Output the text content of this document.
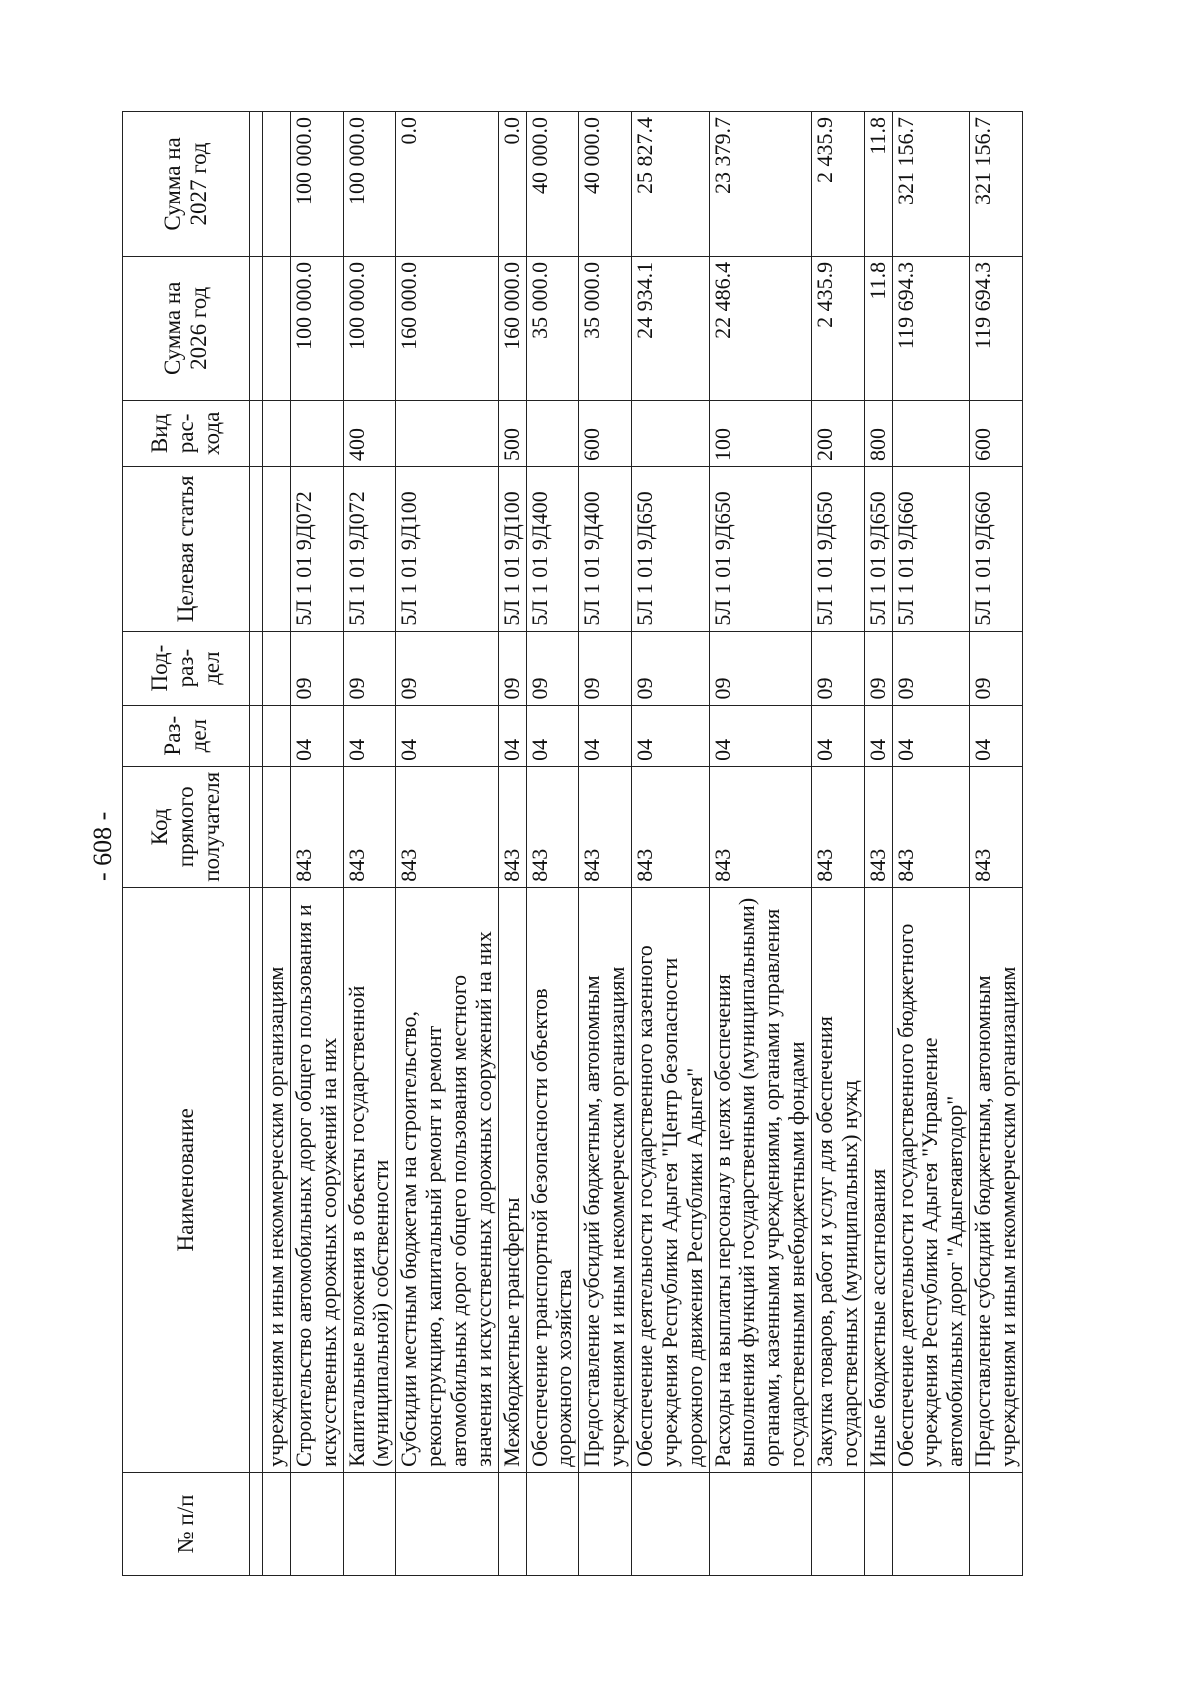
- 608 -
№ п/п	Наименование	Код прямого получателя	Раз-дел	Под-раз-дел	Целевая статья	Вид рас-хода	Сумма на 2026 год	Сумма на 2027 год

	учреждениям и иным некоммерческим организациям							
	Строительство автомобильных дорог общего пользования и искусственных дорожных сооружений на них	843	04	09	5Л 1 01 9Д072		100 000.0	100 000.0
	Капитальные вложения в объекты государственной (муниципальной) собственности	843	04	09	5Л 1 01 9Д072	400	100 000.0	100 000.0
	Субсидии местным бюджетам на строительство, реконструкцию, капитальный ремонт и ремонт автомобильных дорог общего пользования местного значения и искусственных дорожных сооружений на них	843	04	09	5Л 1 01 9Д100		160 000.0	0.0
	Межбюджетные трансферты	843	04	09	5Л 1 01 9Д100	500	160 000.0	0.0
	Обеспечение транспортной безопасности объектов дорожного хозяйства	843	04	09	5Л 1 01 9Д400		35 000.0	40 000.0
	Предоставление субсидий бюджетным, автономным учреждениям и иным некоммерческим организациям	843	04	09	5Л 1 01 9Д400	600	35 000.0	40 000.0
	Обеспечение деятельности государственного казенного учреждения Республики Адыгея "Центр безопасности дорожного движения Республики Адыгея"	843	04	09	5Л 1 01 9Д650		24 934.1	25 827.4
	Расходы на выплаты персоналу в целях обеспечения выполнения функций государственными (муниципальными) органами, казенными учреждениями, органами управления государственными внебюджетными фондами	843	04	09	5Л 1 01 9Д650	100	22 486.4	23 379.7
	Закупка товаров, работ и услуг для обеспечения государственных (муниципальных) нужд	843	04	09	5Л 1 01 9Д650	200	2 435.9	2 435.9
	Иные бюджетные ассигнования	843	04	09	5Л 1 01 9Д650	800	11.8	11.8
	Обеспечение деятельности государственного бюджетного учреждения Республики Адыгея "Управление автомобильных дорог "Адыгеяавтодор"	843	04	09	5Л 1 01 9Д660		119 694.3	321 156.7
	Предоставление субсидий бюджетным, автономным учреждениям и иным некоммерческим организациям	843	04	09	5Л 1 01 9Д660	600	119 694.3	321 156.7
